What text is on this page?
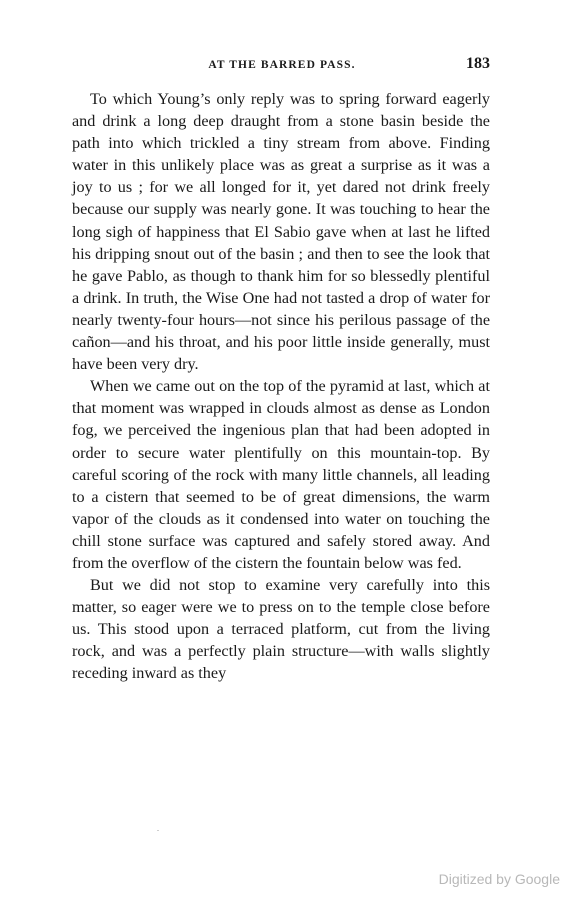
AT THE BARRED PASS.	183

To which Young’s only reply was to spring forward eagerly and drink a long deep draught from a stone basin beside the path into which trickled a tiny stream from above. Finding water in this unlikely place was as great a surprise as it was a joy to us ; for we all longed for it, yet dared not drink freely because our supply was nearly gone. It was touching to hear the long sigh of happiness that El Sabio gave when at last he lifted his dripping snout out of the basin ; and then to see the look that he gave Pablo, as though to thank him for so blessedly plentiful a drink. In truth, the Wise One had not tasted a drop of water for nearly twenty-four hours—not since his perilous passage of the cañon—and his throat, and his poor little inside generally, must have been very dry.

When we came out on the top of the pyramid at last, which at that moment was wrapped in clouds almost as dense as London fog, we perceived the ingenious plan that had been adopted in order to secure water plentifully on this mountain-top. By careful scoring of the rock with many little channels, all leading to a cistern that seemed to be of great dimensions, the warm vapor of the clouds as it condensed into water on touching the chill stone surface was captured and safely stored away. And from the overflow of the cistern the fountain below was fed.

But we did not stop to examine very carefully into this matter, so eager were we to press on to the temple close before us. This stood upon a terraced platform, cut from the living rock, and was a perfectly plain structure—with walls slightly receding inward as they

Digitized by Google
